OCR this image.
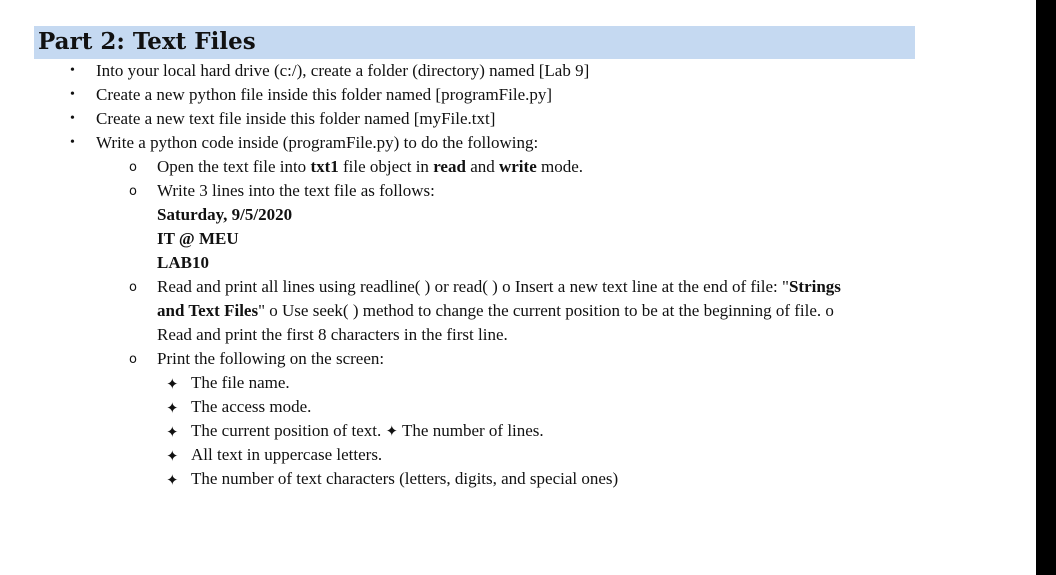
Part 2: Text Files
• Into your local hard drive (c:/), create a folder (directory) named [Lab 9]
• Create a new python file inside this folder named [programFile.py]
• Create a new text file inside this folder named [myFile.txt]
• Write a python code inside (programFile.py) to do the following:
o Open the text file into txt1 file object in read and write mode.
o Write 3 lines into the text file as follows:
Saturday, 9/5/2020
IT @ MEU
LAB10
o Read and print all lines using readline( ) or read( ) o Insert a new text line at the end of file: "Strings
and Text Files" o Use seek( ) method to change the current position to be at the beginning of file. o
Read and print the first 8 characters in the first line.
o Print the following on the screen:
✦ The file name.
✦ The access mode.
✦ The current position of text. ✦ The number of lines.
✦ All text in uppercase letters.
✦ The number of text characters (letters, digits, and special ones)
